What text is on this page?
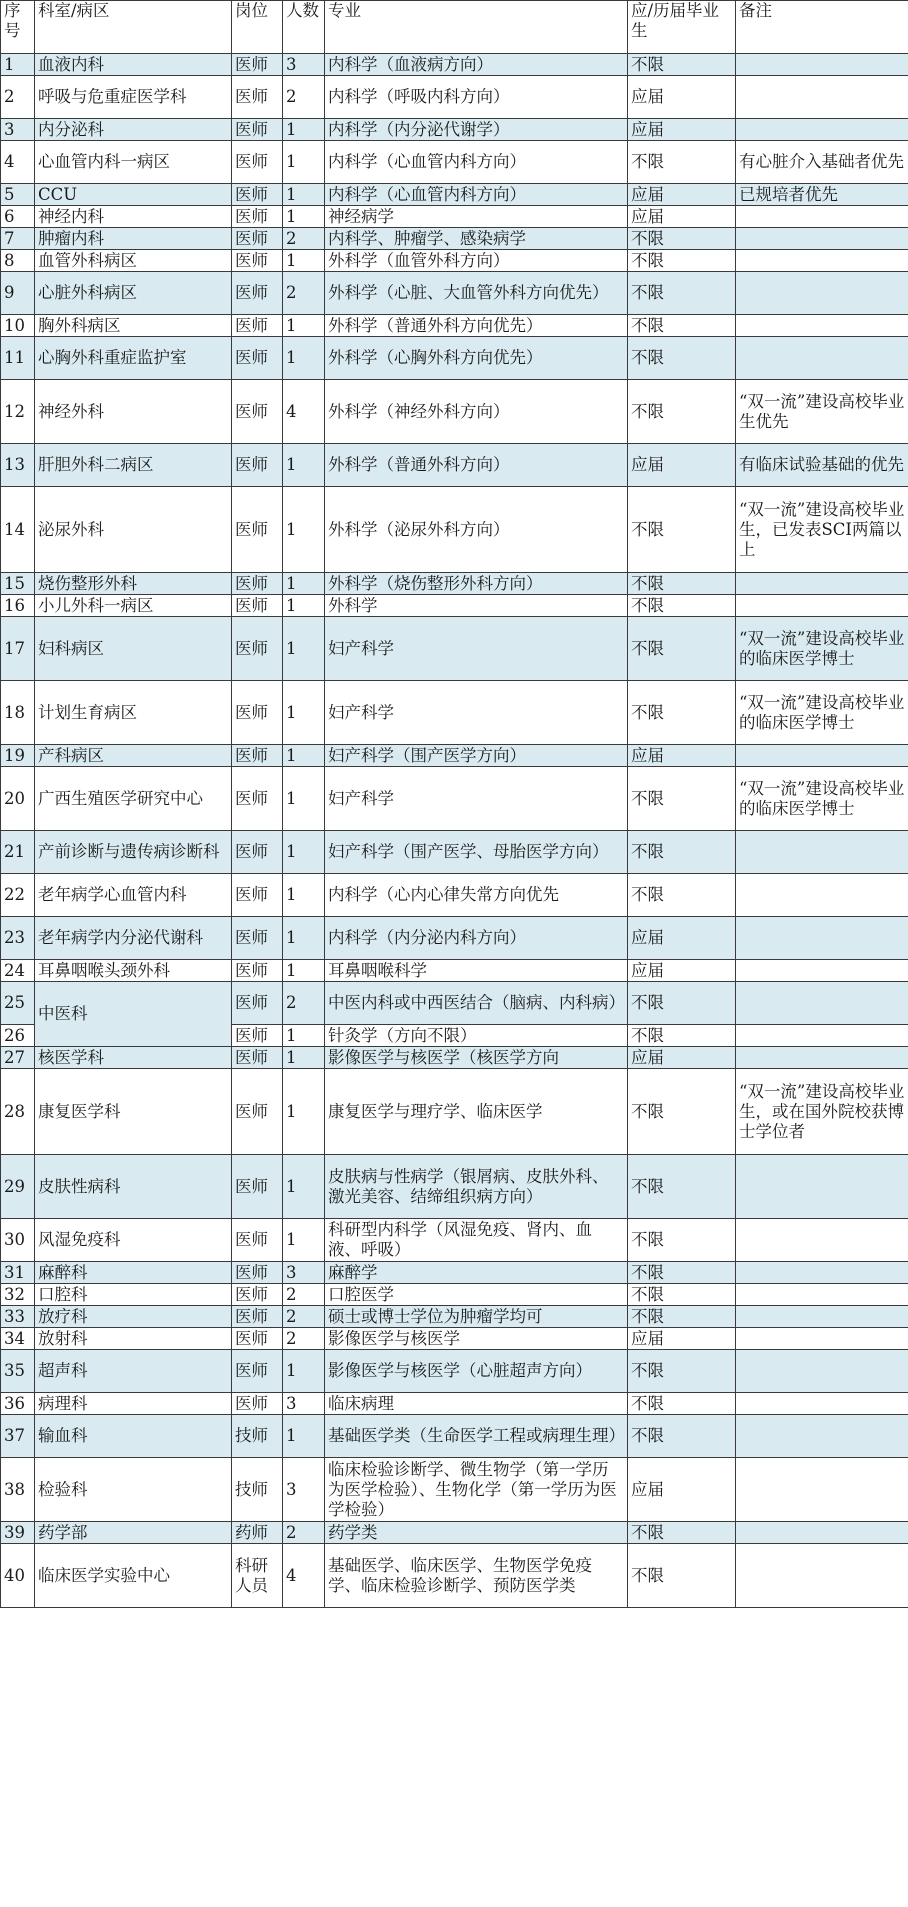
序号	科室/病区	岗位	人数	专业	应/历届毕业生	备注
1	血液内科	医师	3	内科学（血液病方向）	不限	
2	呼吸与危重症医学科	医师	2	内科学（呼吸内科方向）	应届	
3	内分泌科	医师	1	内科学（内分泌代谢学）	应届	
4	心血管内科一病区	医师	1	内科学（心血管内科方向）	不限	有心脏介入基础者优先
5	CCU	医师	1	内科学（心血管内科方向）	应届	已规培者优先
6	神经内科	医师	1	神经病学	应届	
7	肿瘤内科	医师	2	内科学、肿瘤学、感染病学	不限	
8	血管外科病区	医师	1	外科学（血管外科方向）	不限	
9	心脏外科病区	医师	2	外科学（心脏、大血管外科方向优先）	不限	
10	胸外科病区	医师	1	外科学（普通外科方向优先）	不限	
11	心胸外科重症监护室	医师	1	外科学（心胸外科方向优先）	不限	
12	神经外科	医师	4	外科学（神经外科方向）	不限	“双一流”建设高校毕业生优先
13	肝胆外科二病区	医师	1	外科学（普通外科方向）	应届	有临床试验基础的优先
14	泌尿外科	医师	1	外科学（泌尿外科方向）	不限	“双一流”建设高校毕业生，已发表SCI两篇以上
15	烧伤整形外科	医师	1	外科学（烧伤整形外科方向）	不限	
16	小儿外科一病区	医师	1	外科学	不限	
17	妇科病区	医师	1	妇产科学	不限	“双一流”建设高校毕业的临床医学博士
18	计划生育病区	医师	1	妇产科学	不限	“双一流”建设高校毕业的临床医学博士
19	产科病区	医师	1	妇产科学（围产医学方向）	应届	
20	广西生殖医学研究中心	医师	1	妇产科学	不限	“双一流”建设高校毕业的临床医学博士
21	产前诊断与遗传病诊断科	医师	1	妇产科学（围产医学、母胎医学方向）	不限	
22	老年病学心血管内科	医师	1	内科学（心内心律失常方向优先	不限	
23	老年病学内分泌代谢科	医师	1	内科学（内分泌内科方向）	应届	
24	耳鼻咽喉头颈外科	医师	1	耳鼻咽喉科学	应届	
25	中医科	医师	2	中医内科或中西医结合（脑病、内科病）	不限	
26		医师	1	针灸学（方向不限）	不限	
27	核医学科	医师	1	影像医学与核医学（核医学方向	应届	
28	康复医学科	医师	1	康复医学与理疗学、临床医学	不限	“双一流”建设高校毕业生，或在国外院校获博士学位者
29	皮肤性病科	医师	1	皮肤病与性病学（银屑病、皮肤外科、激光美容、结缔组织病方向）	不限	
30	风湿免疫科	医师	1	科研型内科学（风湿免疫、肾内、血液、呼吸）	不限	
31	麻醉科	医师	3	麻醉学	不限	
32	口腔科	医师	2	口腔医学	不限	
33	放疗科	医师	2	硕士或博士学位为肿瘤学均可	不限	
34	放射科	医师	2	影像医学与核医学	应届	
35	超声科	医师	1	影像医学与核医学（心脏超声方向）	不限	
36	病理科	医师	3	临床病理	不限	
37	输血科	技师	1	基础医学类（生命医学工程或病理生理）	不限	
38	检验科	技师	3	临床检验诊断学、微生物学（第一学历为医学检验）、生物化学（第一学历为医学检验）	应届	
39	药学部	药师	2	药学类	不限	
40	临床医学实验中心	科研人员	4	基础医学、临床医学、生物医学免疫学、临床检验诊断学、预防医学类	不限	
